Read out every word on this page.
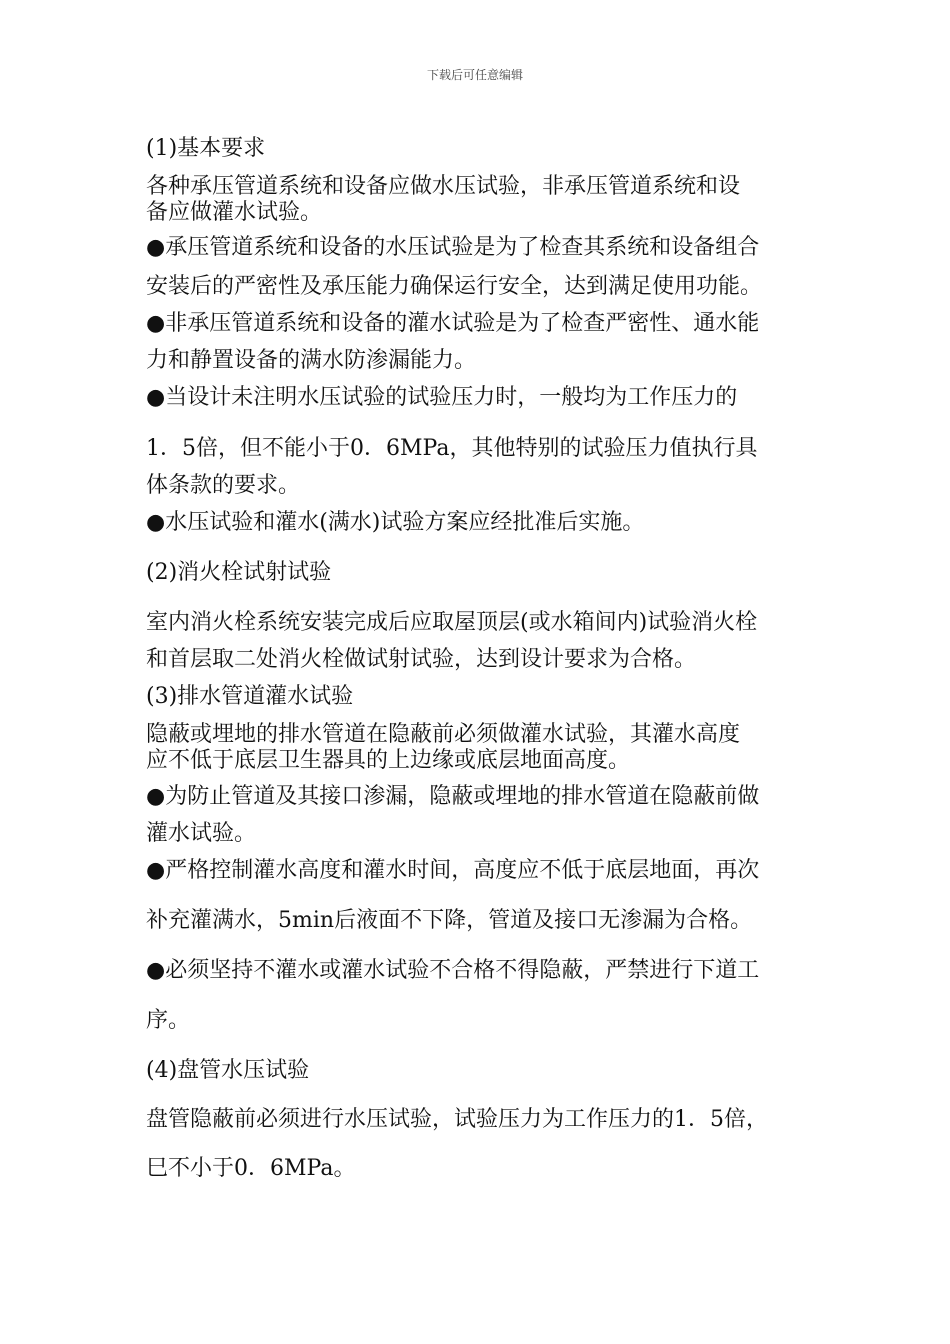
下载后可任意编辑
(1)基本要求
各种承压管道系统和设备应做水压试验，非承压管道系统和设
备应做灌水试验。
●承压管道系统和设备的水压试验是为了检查其系统和设备组合
安装后的严密性及承压能力确保运行安全，达到满足使用功能。
●非承压管道系统和设备的灌水试验是为了检查严密性、通水能
力和静置设备的满水防渗漏能力。
●当设计未注明水压试验的试验压力时，一般均为工作压力的
1．5倍，但不能小于0．6MPa，其他特别的试验压力值执行具
体条款的要求。
●水压试验和灌水(满水)试验方案应经批准后实施。
(2)消火栓试射试验
室内消火栓系统安装完成后应取屋顶层(或水箱间内)试验消火栓
和首层取二处消火栓做试射试验，达到设计要求为合格。
(3)排水管道灌水试验
隐蔽或埋地的排水管道在隐蔽前必须做灌水试验，其灌水高度
应不低于底层卫生器具的上边缘或底层地面高度。
●为防止管道及其接口渗漏，隐蔽或埋地的排水管道在隐蔽前做
灌水试验。
●严格控制灌水高度和灌水时间，高度应不低于底层地面，再次
补充灌满水，5min后液面不下降，管道及接口无渗漏为合格。
●必须坚持不灌水或灌水试验不合格不得隐蔽，严禁进行下道工
序。
(4)盘管水压试验
盘管隐蔽前必须进行水压试验，试验压力为工作压力的1．5倍，
巳不小于0．6MPa。
